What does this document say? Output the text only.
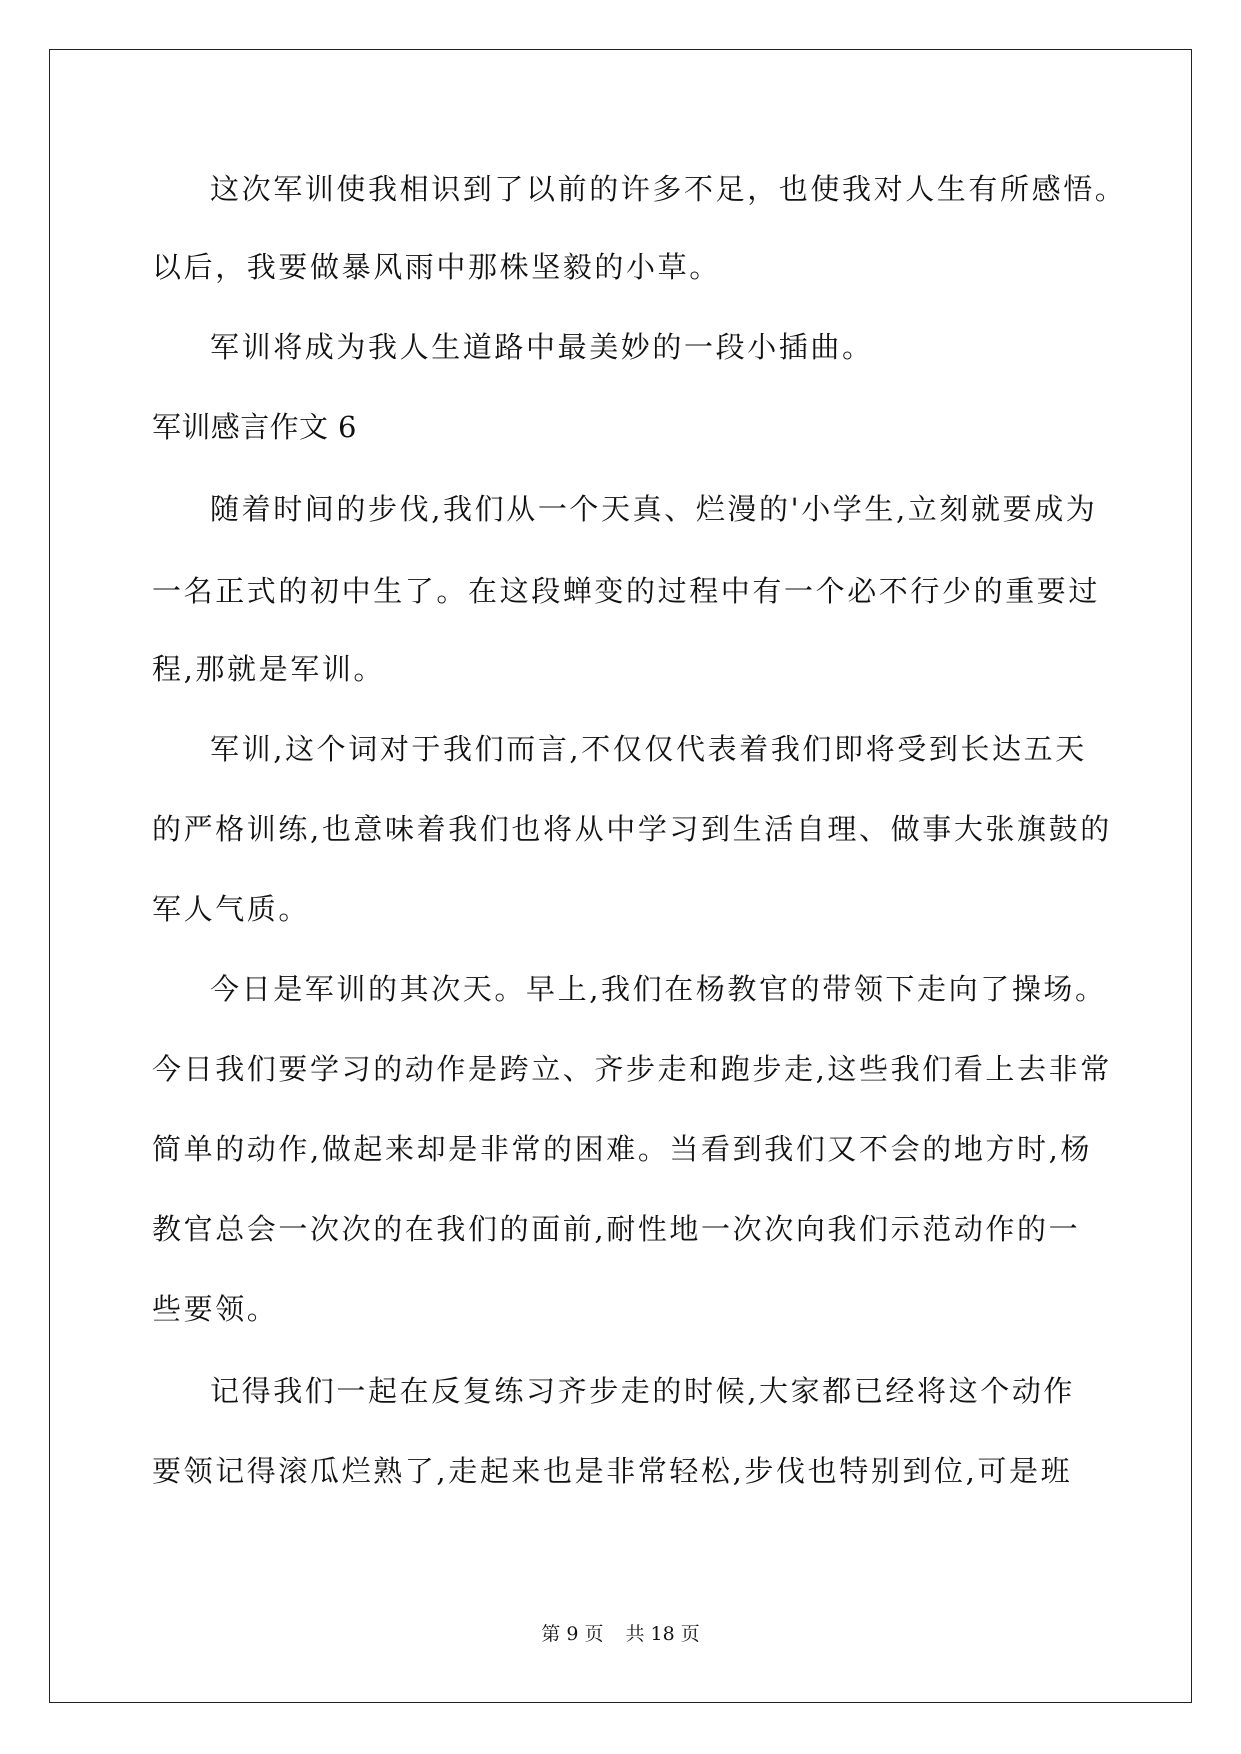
这次军训使我相识到了以前的许多不足，也使我对人生有所感悟。
以后，我要做暴风雨中那株坚毅的小草。
军训将成为我人生道路中最美妙的一段小插曲。
军训感言作文 6
随着时间的步伐,我们从一个天真、烂漫的'小学生,立刻就要成为
一名正式的初中生了。在这段蝉变的过程中有一个必不行少的重要过
程,那就是军训。
军训,这个词对于我们而言,不仅仅代表着我们即将受到长达五天
的严格训练,也意味着我们也将从中学习到生活自理、做事大张旗鼓的
军人气质。
今日是军训的其次天。早上,我们在杨教官的带领下走向了操场。
今日我们要学习的动作是跨立、齐步走和跑步走,这些我们看上去非常
简单的动作,做起来却是非常的困难。当看到我们又不会的地方时,杨
教官总会一次次的在我们的面前,耐性地一次次向我们示范动作的一
些要领。
记得我们一起在反复练习齐步走的时候,大家都已经将这个动作
要领记得滚瓜烂熟了,走起来也是非常轻松,步伐也特别到位,可是班
第 9 页 共 18 页
